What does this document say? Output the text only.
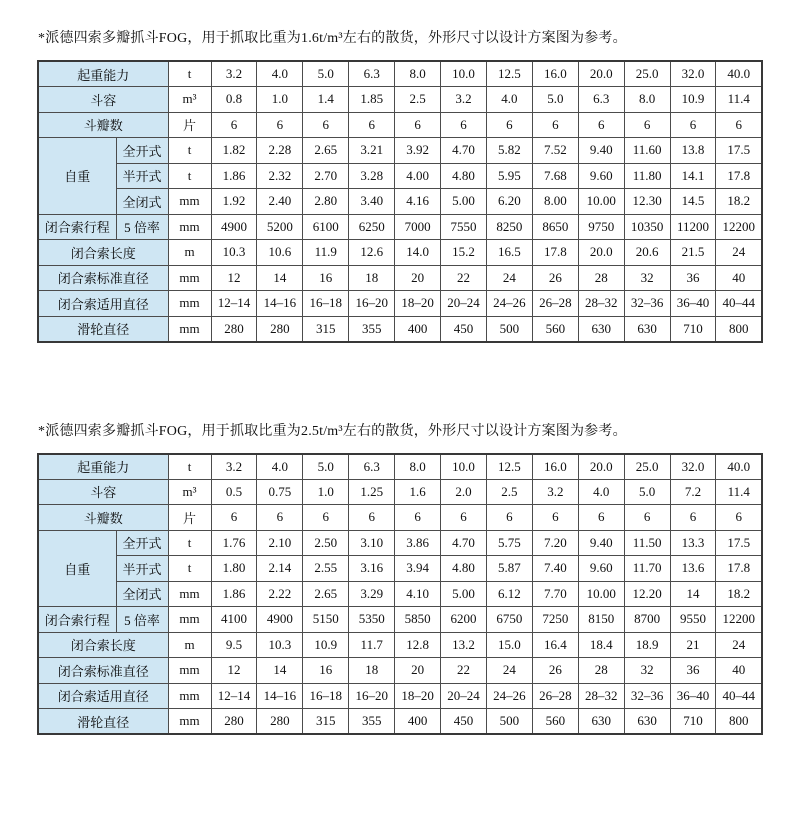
*派德四索多瓣抓斗FOG，用于抓取比重为1.6t/m³左右的散货，外形尺寸以设计方案图为参考。

起重能力		t	3.2	4.0	5.0	6.3	8.0	10.0	12.5	16.0	20.0	25.0	32.0	40.0
斗容		m³	0.8	1.0	1.4	1.85	2.5	3.2	4.0	5.0	6.3	8.0	10.9	11.4
斗瓣数		片	6	6	6	6	6	6	6	6	6	6	6	6
自重	全开式	t	1.82	2.28	2.65	3.21	3.92	4.70	5.82	7.52	9.40	11.60	13.8	17.5
	半开式	t	1.86	2.32	2.70	3.28	4.00	4.80	5.95	7.68	9.60	11.80	14.1	17.8
	全闭式	mm	1.92	2.40	2.80	3.40	4.16	5.00	6.20	8.00	10.00	12.30	14.5	18.2
闭合索行程	5 倍率	mm	4900	5200	6100	6250	7000	7550	8250	8650	9750	10350	11200	12200
闭合索长度		m	10.3	10.6	11.9	12.6	14.0	15.2	16.5	17.8	20.0	20.6	21.5	24
闭合索标准直径		mm	12	14	16	18	20	22	24	26	28	32	36	40
闭合索适用直径		mm	12–14	14–16	16–18	16–20	18–20	20–24	24–26	26–28	28–32	32–36	36–40	40–44
滑轮直径		mm	280	280	315	355	400	450	500	560	630	630	710	800

*派德四索多瓣抓斗FOG，用于抓取比重为2.5t/m³左右的散货，外形尺寸以设计方案图为参考。

起重能力		t	3.2	4.0	5.0	6.3	8.0	10.0	12.5	16.0	20.0	25.0	32.0	40.0
斗容		m³	0.5	0.75	1.0	1.25	1.6	2.0	2.5	3.2	4.0	5.0	7.2	11.4
斗瓣数		片	6	6	6	6	6	6	6	6	6	6	6	6
自重	全开式	t	1.76	2.10	2.50	3.10	3.86	4.70	5.75	7.20	9.40	11.50	13.3	17.5
	半开式	t	1.80	2.14	2.55	3.16	3.94	4.80	5.87	7.40	9.60	11.70	13.6	17.8
	全闭式	mm	1.86	2.22	2.65	3.29	4.10	5.00	6.12	7.70	10.00	12.20	14	18.2
闭合索行程	5 倍率	mm	4100	4900	5150	5350	5850	6200	6750	7250	8150	8700	9550	12200
闭合索长度		m	9.5	10.3	10.9	11.7	12.8	13.2	15.0	16.4	18.4	18.9	21	24
闭合索标准直径		mm	12	14	16	18	20	22	24	26	28	32	36	40
闭合索适用直径		mm	12–14	14–16	16–18	16–20	18–20	20–24	24–26	26–28	28–32	32–36	36–40	40–44
滑轮直径		mm	280	280	315	355	400	450	500	560	630	630	710	800
